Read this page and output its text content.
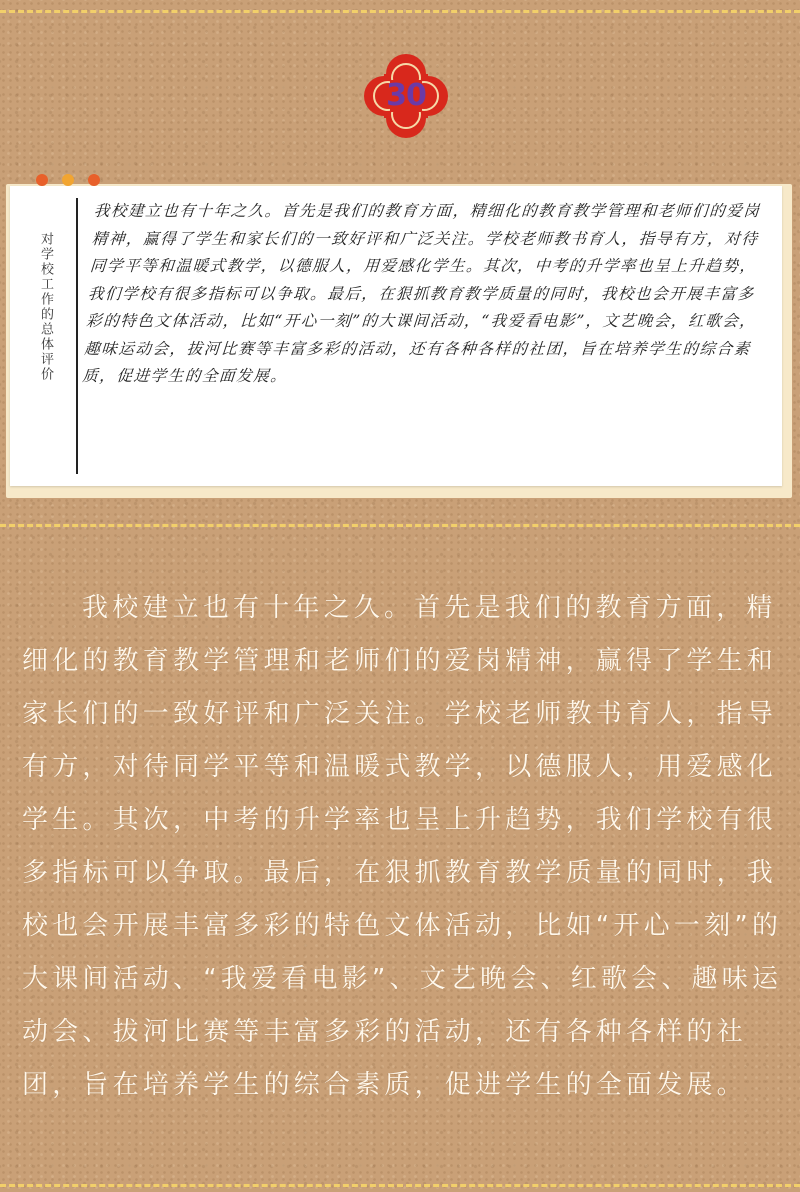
30
对学校工作的总体评价
我校建立也有十年之久。首先是我们的教育方面，精细化的教育教学管理和老师们的爱岗精神，赢得了学生和家长们的一致好评和广泛关注。学校老师教书育人，指导有方，对待同学平等和温暖式教学，以德服人，用爱感化学生。其次，中考的升学率也呈上升趋势，我们学校有很多指标可以争取。最后，在狠抓教育教学质量的同时，我校也会开展丰富多彩的特色文体活动，比如“开心一刻”的大课间活动，“我爱看电影”，文艺晚会，红歌会，趣味运动会，拔河比赛等丰富多彩的活动，还有各种各样的社团，旨在培养学生的综合素质，促进学生的全面发展。

我校建立也有十年之久。首先是我们的教育方面，精细化的教育教学管理和老师们的爱岗精神，赢得了学生和家长们的一致好评和广泛关注。学校老师教书育人，指导有方，对待同学平等和温暖式教学，以德服人，用爱感化学生。其次，中考的升学率也呈上升趋势，我们学校有很多指标可以争取。最后，在狠抓教育教学质量的同时，我校也会开展丰富多彩的特色文体活动，比如“开心一刻”的大课间活动、“我爱看电影”、文艺晚会、红歌会、趣味运动会、拔河比赛等丰富多彩的活动，还有各种各样的社团，旨在培养学生的综合素质，促进学生的全面发展。
